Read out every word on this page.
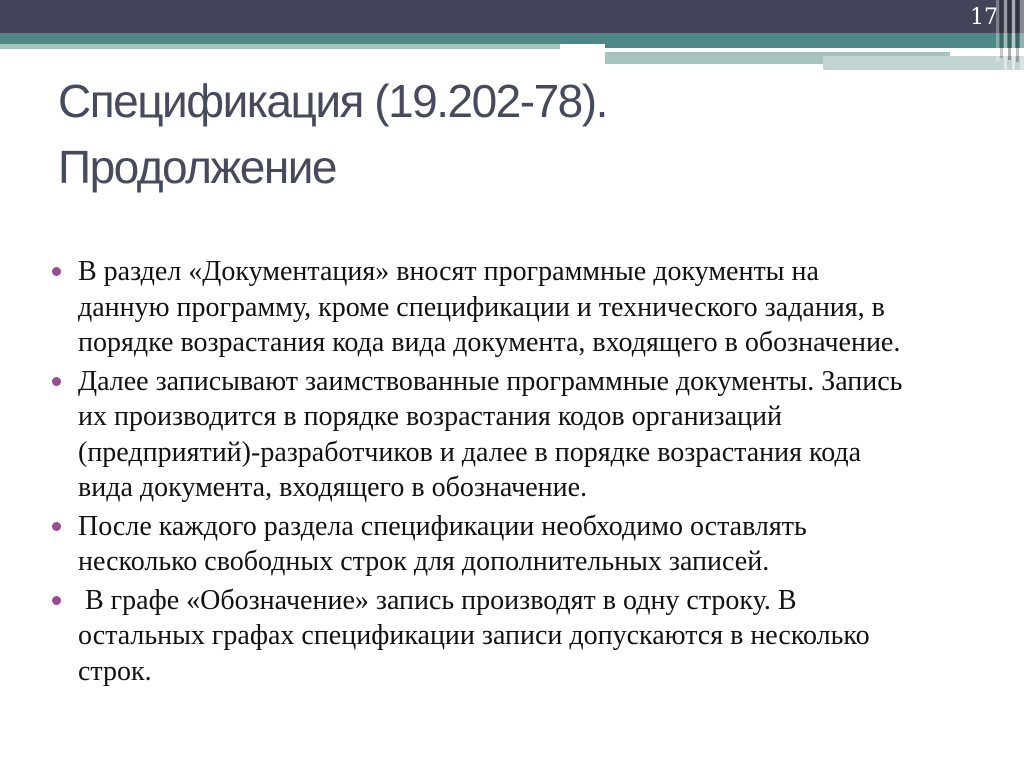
17
Спецификация (19.202-78). Продолжение
В раздел «Документация» вносят программные документы на данную программу, кроме спецификации и технического задания, в порядке возрастания кода вида документа, входящего в обозначение.
Далее записывают заимствованные программные документы. Запись их производится в порядке возрастания кодов организаций (предприятий)-разработчиков и далее в порядке возрастания кода вида документа, входящего в обозначение.
После каждого раздела спецификации необходимо оставлять несколько свободных строк для дополнительных записей.
В графе «Обозначение» запись производят в одну строку. В остальных графах спецификации записи допускаются в несколько строк.
